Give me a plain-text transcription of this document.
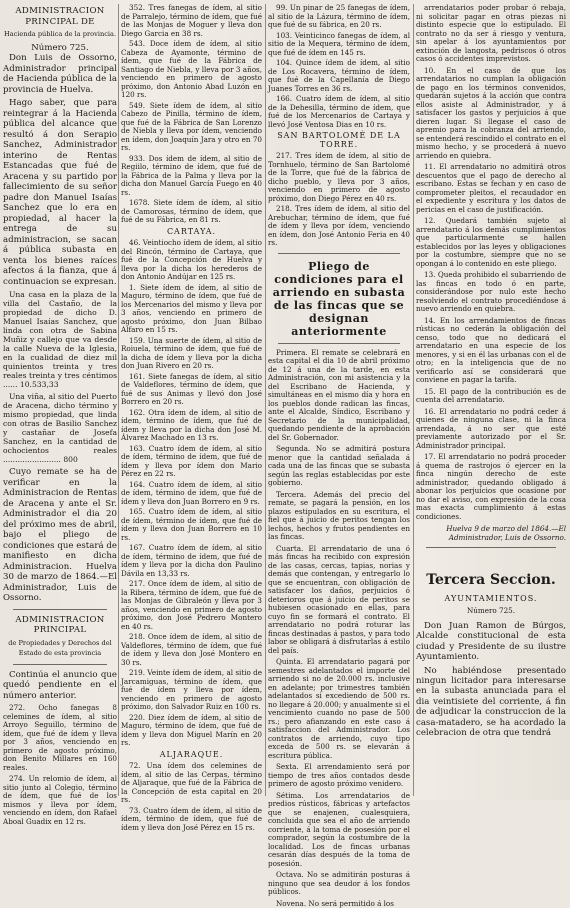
ADMINISTRACION PRINCIPAL DE
Hacienda pública de la provincia.
Número 725.

Don Luis de Ossorno, Administrador principal de Hacienda pública de la provincia de Huelva.

Hago saber, que para reintegrar á la Hacienda pública del alcance que resultó á don Serapio Sanchez, Administrador interino de Rentas Estancadas que fué de Aracena y su partido por fallecimiento de su señor padre don Manuel Isaías Sanchez que lo era en propiedad, al hacer la entrega de su administracion, se sacan á pública subasta en venta los bienes raíces afectos á la fianza, que á continuacion se expresan.

Una casa en la plaza de la villa del Castaño, de la propiedad de dicho D. Manuel Isaías Sanchez, que linda con otra de Sabina Muñiz y callejo que va desde la calle Nueva de la Iglesia, en la cualidad de diez mil quinientos treinta y tres reales treinta y tres céntimos ...... 10.533,33

Una viña, al sitio del Puerto de Aracena, dicho término y mismo propiedad, que linda con otras de Basilio Sanchez y castañar de Josefa Sanchez, en la cantidad de ochocientos reales ........................ 800

Cuyo remate se ha de verificar en la Administracion de Rentas de Aracena y ante el Sr. Administrador el dia 20 del próximo mes de abril, bajo el pliego de condiciones que estará de manifiesto en dicha Administracion. Huelva 30 de marzo de 1864.—El Administrador, Luis de Ossorno.

ADMINISTRACION PRINCIPAL
de Propiedades y Derechos del Estado de esta provincia

Continúa el anuncio que quedó pendiente en el número anterior.

272. Ocho fanegas 8 celemines de ídem, al sitio Arroyo Seguillo, término de ídem, que fué de ídem y lleva por 3 años, venciendo en primero de agosto próximo, don Benito Millares en 160 reales.

274. Un relomio de ídem, al sitio junto al Colegio, término de ídem, que fué de los mismos y lleva por ídem, venciendo en ídem, don Rafael Aboal Guadix en 12 rs.

352. Tres fanegas de ídem, al sitio de Parralejo, término de ídem, que fué de las Monjas de Moguer y lleva don Diego Garcia en 38 rs.
543. Doce ídem de ídem, al sitio Cabeza de Ayamonte, término de ídem, que fué de la Fábrica de Santiago de Niebla, y lleva por 3 años, venciendo en primero de agosto próximo, don Antonio Abad Luzón en 120 rs.
549. Siete ídem de ídem, al sitio Cabezo de Pinilla, término de ídem, que fué de la Fábrica de San Lorenzo de Niebla y lleva por ídem, venciendo en ídem, don Joaquín Jara y otro en 70 rs.
933. Dos ídem de ídem, al sitio de Regiilo, término de ídem, que fué de la Fábrica de la Palma y lleva por la dicha don Manuel García Fuego en 40 rs.
1678. Siete ídem de ídem, al sitio de Camorosas, término de ídem, que fué de su Fábrica, en 81 rs.
CARTAYA.
46. Veintiocho ídem de ídem, al sitio del Rincón, término de Cartaya, que fué de la Concepción de Huelva y lleva por la dicha los herederos de don Antonio Andújar en 125 rs.
1. Siete ídem de ídem, al sitio de Maguro, término de ídem, que fué de los Mercenarios del mismo y lleva por 3 años, venciendo en primero de agosto próximo, don Juan Bilbao Alfaro en 15 rs.
159. Una suerte de ídem, al sitio de Roiuela, término de ídem, que fué de la dicha de ídem y lleva por la dicha don Juan Rivero en 20 rs.
161. Siete fanegas de ídem, al sitio de Valdeflores, término de ídem, que fué de sus Animas y llevó don José Borrero en 20 rs.
162. Otra ídem de ídem, al sitio de ídem, término de ídem, que fué de ídem y lleva por la dicha don José M. Álvarez Machado en 13 rs.
163. Cuatro ídem de ídem, al sitio de ídem, término de ídem, que fué de ídem y lleva por ídem don Mario Pérez en 22 rs.
164. Cuatro ídem de ídem, al sitio de ídem, término de ídem, que fué de ídem y lleva don Juan Borrero en 9 rs.
165. Cuatro ídem de ídem, al sitio de ídem, término de ídem, que fué de ídem y lleva don Juan Borrero en 10 rs.
167. Cuatro ídem de ídem, al sitio de ídem, término de ídem, que fué de ídem y lleva por la dicha don Paulino Dávila en 13,33 rs.
217. Once ídem de ídem, al sitio de la Ribera, término de ídem, que fué de las Monjas de Gibraleón y lleva por 3 años, venciendo en primero de agosto próximo, don José Pedrero Montero en 40 rs.
218. Once ídem de ídem, al sitio de Valdeflores, término de ídem, que fué de ídem y lleva don José Montero en 30 rs.
219. Veinte ídem de ídem, al sitio de Jarcamiguas, término de ídem, que fué de ídem y lleva por ídem, venciendo en primero de agosto próximo, don Salvador Ruiz en 100 rs.
220. Diez ídem de ídem, al sitio de Maguro, término de ídem, que fué de ídem y lleva don Miguel Marín en 20 rs.
ALJARAQUE.
72. Una ídem dos celemines de ídem, al sitio de las Cerpas, término de Aljaraque, que fué de la Fábrica de la Concepción de esta capital en 20 rs.
73. Cuatro ídem de ídem, al sitio de ídem, término de ídem, que fué de ídem y lleva don José Pérez en 15 rs.
99. Un pinar de 25 fanegas de ídem, al sitio de la Lázura, término de ídem, que fué de su fábrica, en 20 rs.
103. Veinticinco fanegas de ídem, al sitio de la Mequera, término de ídem, que fué de ídem en 145 rs.
104. Quince ídem de ídem, al sitio de Los Rocavera, término de ídem, que fué de la Capellanía de Diego Juanes Torres en 36 rs.
166. Cuatro ídem de ídem, al sitio de la Dehesilla, término de ídem, que fué de los Mercenarios de Cartaya y llevó José Ventosa Dias en 10 rs.
SAN BARTOLOMÉ DE LA TORRE.
217. Tres ídem de ídem, al sitio de Tornhuelo, término de San Bartolomé de la Torre, que fué de la fábrica de dicho pueblo, y lleva por 3 años, venciendo en primero de agosto próximo, don Diego Pérez en 40 rs.
218. Tres ídem de ídem, al sitio del Arebuchar, término de ídem, que fué de ídem y lleva por ídem, venciendo en ídem, don José Antonio Feria en 40 rs.
Pliego de condiciones para el arriendo en subasta de las fincas que se designan anteriormente

Primera. El remate se celebrará en esta capital el dia 10 de abril próximo de 12 á una de la tarde, en esta Administración, con mi asistencia y la del Escribano de Hacienda, y simultáneas en el mismo día y hora en los pueblos donde radican las fincas, ante el Alcalde, Síndico, Escribano y Secretario de la municipalidad, quedando pendiente de la aprobación del Sr. Gobernador.

Segunda. No se admitirá postura menor que la cantidad señalada á cada una de las fincas que se subasta según las reglas establecidas por este gobierno.

Tercera. Además del precio del remate, se pagará la pensión, en los plazos estipulados en su escritura, el fiel que á juicio de peritos tengan los lechos, hechos y frutos pendientes en las fincas.

Cuarta. El arrendatario de una ó más fincas ha recibido con expresión de las casas, cercas, tapias, norias y demás que contengan, y entregarlo lo que se encuentran, con obligación de satisfacer los daños, perjuicios ó deterioros que á juicio de peritos se hubiesen ocasionado en ellas, para cuyo fin se formará el contrato. El arrendatario no podrá roturar las fincas destinadas á pastos, y para todo labor se obligará á disfrutarlas á estilo del país.

Quinta. El arrendatario pagará por semestres adelantados el importe del arriendo si no de 20.000 rs. inclusive en adelante; por trimestres también adelantados si excediendo de 500 rs. no llegare á 20.000; y anualmente si el vencimiento cuando no pase de 500 rs.; pero afianzando en este caso á satisfaccion del Administrador. Los contratos de arriendo, cuyo tipo exceda de 500 rs. se elevarán á escritura pública.

Sexta. El arrendamiento será por tiempo de tres años contados desde primero de agosto próximo venidero.

Sétima. Los arrendatarios de predios rústicos, fábricas y artefactos que se enajenen, cualesquiera, concluida que sea el año de arriendo corriente, á la toma de posesión por el comprador, según la costumbre de la localidad. Los de fincas urbanas cesarán días después de la toma de posesión.

Octava. No se admitirán posturas á ninguno que sea deudor á los fondos públicos.

Novena. No será permitido á los

arrendatarios poder probar ó rebaja, ni solicitar pagar en otras piezas ni distinto especie que lo estipulado. El contrato no da ser á riesgo y ventura, sin apelar á los ayuntamientos por extinción de langosta, pedriscos ó otros casos ó accidentes imprevistos.

10. En el caso de que los arrendatarios no cumplan la obligación de pago en los términos convenidos, quedarán sujetos á la acción que contra ellos asiste al Administrador, y á satisfacer los gastos y perjuicios á que dieren lugar. Si llegase el caso de apremio para la cobranza del arriendo, se entenderá rescindido el contrato en el mismo hecho, y se procederá á nuevo arriendo en quiebra.

11. El arrendatario no admitirá otros descuentos que el pago de derecho al escribano. Estas se fechan y en caso de comprometer pleitos, el recaudador en el expediente y escritura y los datos de pericias en el caso de justificación.

12. Quedará también sujeto al arrendatario á los demás cumplimientos que particularmente se hallen establecidos por las leyes y obligaciones por la costumbre, siempre que no se opongan á lo contenido en este pliego.

13. Queda prohibido el subarriendo de las fincas en todo ó en parte, considerándose por nulo este hecho resolviendo el contrato procediéndose á nuevo arriendo en quiebra.

14. En los arrendamientos de fincas rústicas no cederán la obligación del censo, todo que no dedicará el arrendatario en una especie de los menores, y si en él las urbanas con el de otro; en la inteligencia que de no verificarlo así se considerará que conviene en pagar la tarifa.

15. El pago de la contribución es de cuenta del arrendatario.

16. El arrendatario no podrá ceder á quienes de ninguna clase, ni la finca arrendada, á no ser que esté previamente autorizado por el Sr. Administrador principal.

17. El arrendatario no podrá proceder á quema de rastrojos ó ejercer en la finca ningún derecho de este administrador, quedando obligado á abonar los perjuicios que ocasione por no dar el aviso, con expresión de la cosa mas exacta cumplimiento á estas condiciones.

Huelva 9 de marzo del 1864.—El Administrador, Luis de Ossorno.
Tercera Seccion.
AYUNTAMIENTOS.
Número 725.

Don Juan Ramon de Búrgos, Alcalde constitucional de esta ciudad y Presidente de su ilustre Ayuntamiento.

No habiéndose presentado ningun licitador para interesarse en la subasta anunciada para el dia veintisiete del corriente, á fin de adjudicar la construccion de la casa-matadero, se ha acordado la celebracion de otra que tendrá
